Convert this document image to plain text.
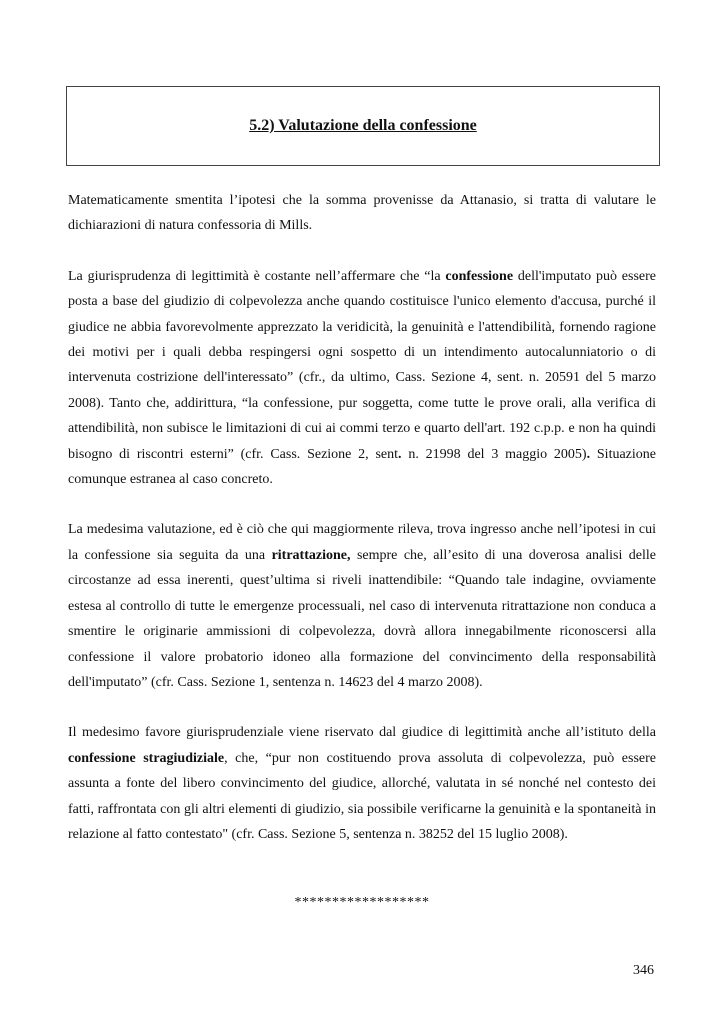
5.2) Valutazione della confessione

Matematicamente smentita l’ipotesi che la somma provenisse da Attanasio, si tratta di valutare le dichiarazioni di natura confessoria di Mills.

La giurisprudenza di legittimità è costante nell’affermare che “la confessione dell'imputato può essere posta a base del giudizio di colpevolezza anche quando costituisce l'unico elemento d'accusa, purché il giudice ne abbia favorevolmente apprezzato la veridicità, la genuinità e l'attendibilità, fornendo ragione dei motivi per i quali debba respingersi ogni sospetto di un intendimento autocalunniatorio o di intervenuta costrizione dell'interessato” (cfr., da ultimo, Cass. Sezione 4, sent. n. 20591 del 5 marzo 2008). Tanto che, addirittura, “la confessione, pur soggetta, come tutte le prove orali, alla verifica di attendibilità, non subisce le limitazioni di cui ai commi terzo e quarto dell'art. 192 c.p.p. e non ha quindi bisogno di riscontri esterni” (cfr. Cass. Sezione 2, sent. n. 21998 del 3 maggio 2005). Situazione comunque estranea al caso concreto.

La medesima valutazione, ed è ciò che qui maggiormente rileva, trova ingresso anche nell’ipotesi in cui la confessione sia seguita da una ritrattazione, sempre che, all’esito di una doverosa analisi delle circostanze ad essa inerenti, quest’ultima si riveli inattendibile: “Quando tale indagine, ovviamente estesa al controllo di tutte le emergenze processuali, nel caso di intervenuta ritrattazione non conduca a smentire le originarie ammissioni di colpevolezza, dovrà allora innegabilmente riconoscersi alla confessione il valore probatorio idoneo alla formazione del convincimento della responsabilità dell'imputato” (cfr. Cass. Sezione 1, sentenza n. 14623 del 4 marzo 2008).

Il medesimo favore giurisprudenziale viene riservato dal giudice di legittimità anche all’istituto della confessione stragiudiziale, che, “pur non costituendo prova assoluta di colpevolezza, può essere assunta a fonte del libero convincimento del giudice, allorché, valutata in sé nonché nel contesto dei fatti, raffrontata con gli altri elementi di giudizio, sia possibile verificarne la genuinità e la spontaneità in relazione al fatto contestato" (cfr. Cass. Sezione 5, sentenza n. 38252 del 15 luglio 2008).

******************
346
